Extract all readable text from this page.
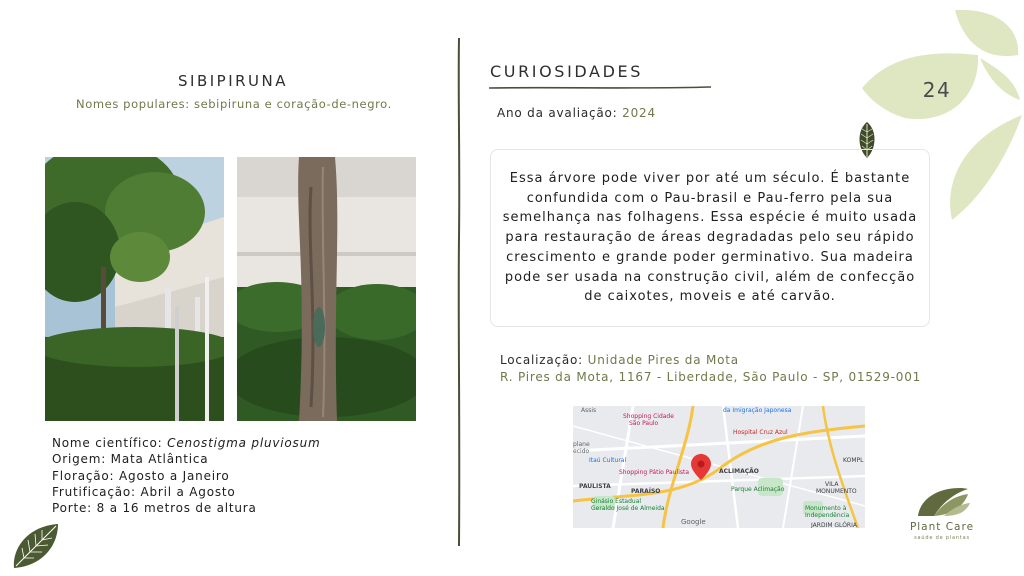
24
SIBIPIRUNA
Nomes populares: sebipiruna e coração-de-negro.
Nome científico: Cenostigma pluviosum
Origem: Mata Atlântica
Floração: Agosto a Janeiro
Frutificação: Abril a Agosto
Porte: 8 a 16 metros de altura
CURIOSIDADES
Ano da avaliação: 2024
Essa árvore pode viver por até um século. É bastante confundida com o Pau-brasil e Pau-ferro pela sua semelhança nas folhagens. Essa espécie é muito usada para restauração de áreas degradadas pelo seu rápido crescimento e grande poder germinativo. Sua madeira pode ser usada na construção civil, além de confecção de caixotes, moveis e até carvão.
Localização: Unidade Pires da Mota
R. Pires da Mota, 1167 - Liberdade, São Paulo - SP, 01529-001
Assis
Shopping Cidade
São Paulo
da Imigração Japonesa
Hospital Cruz Azul
plane
ecido
Itaú Cultural
Shopping Pátio Paulista	ACLIMAÇÃO
PAULISTA
PARAÍSO	Parque Aclimação	MONUMENTO
VILA
Ginásio Estadual
Geraldo José de Almeida	Monumento à
Independência
JARDIM GLÓRIA
KOMPL
Google	Plant Care
saúde de plantas
